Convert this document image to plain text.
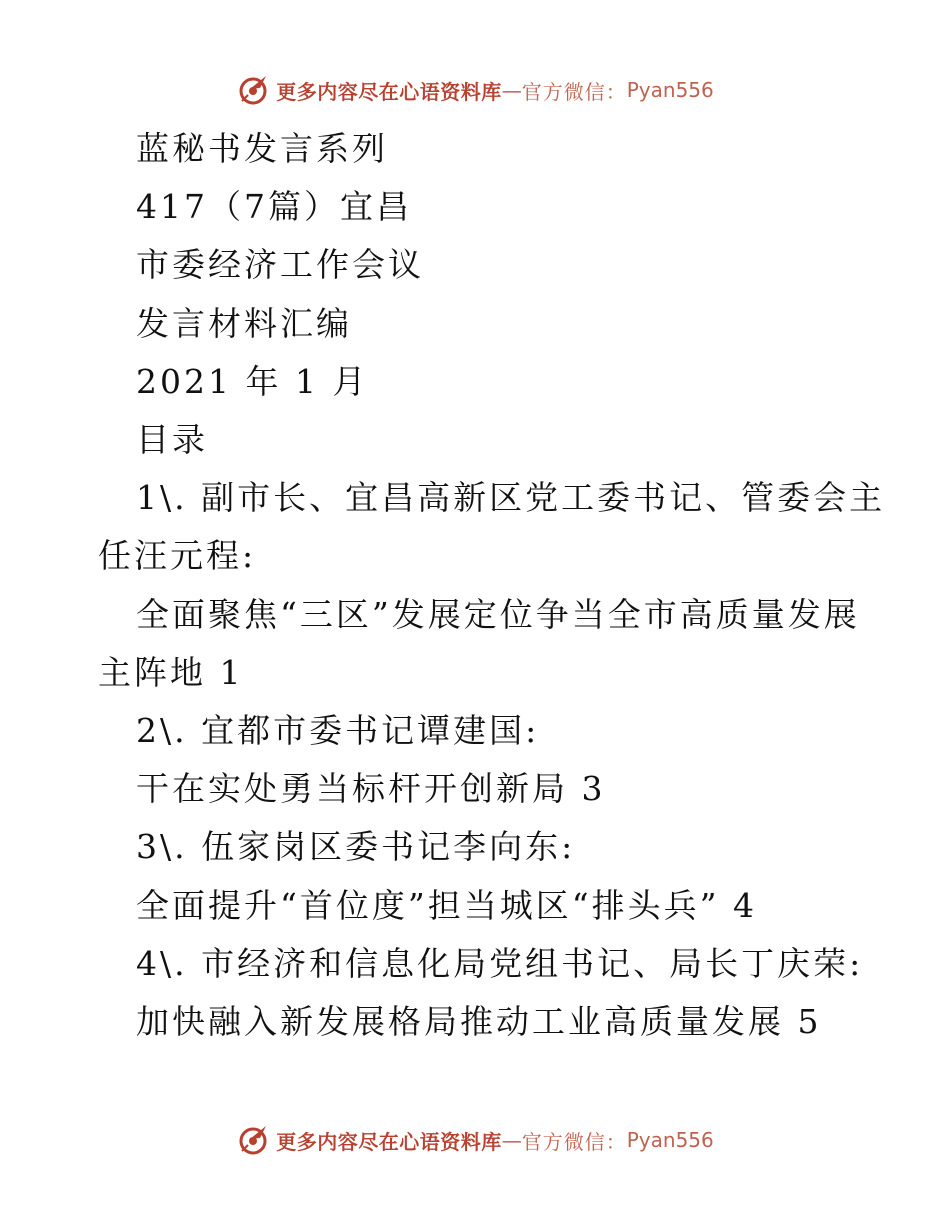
更多内容尽在心语资料库 — 官方微信： Pyan556
蓝秘书发言系列
417（7篇）宜昌
市委经济工作会议
发言材料汇编
2021 年 1 月
目录
1\. 副市长、宜昌高新区党工委书记、管委会主
任汪元程:
全面聚焦“三区”发展定位争当全市高质量发展
主阵地 1
2\. 宜都市委书记谭建国:
干在实处勇当标杆开创新局 3
3\. 伍家岗区委书记李向东:
全面提升“首位度”担当城区“排头兵” 4
4\. 市经济和信息化局党组书记、局长丁庆荣:
加快融入新发展格局推动工业高质量发展 5
更多内容尽在心语资料库 — 官方微信： Pyan556
